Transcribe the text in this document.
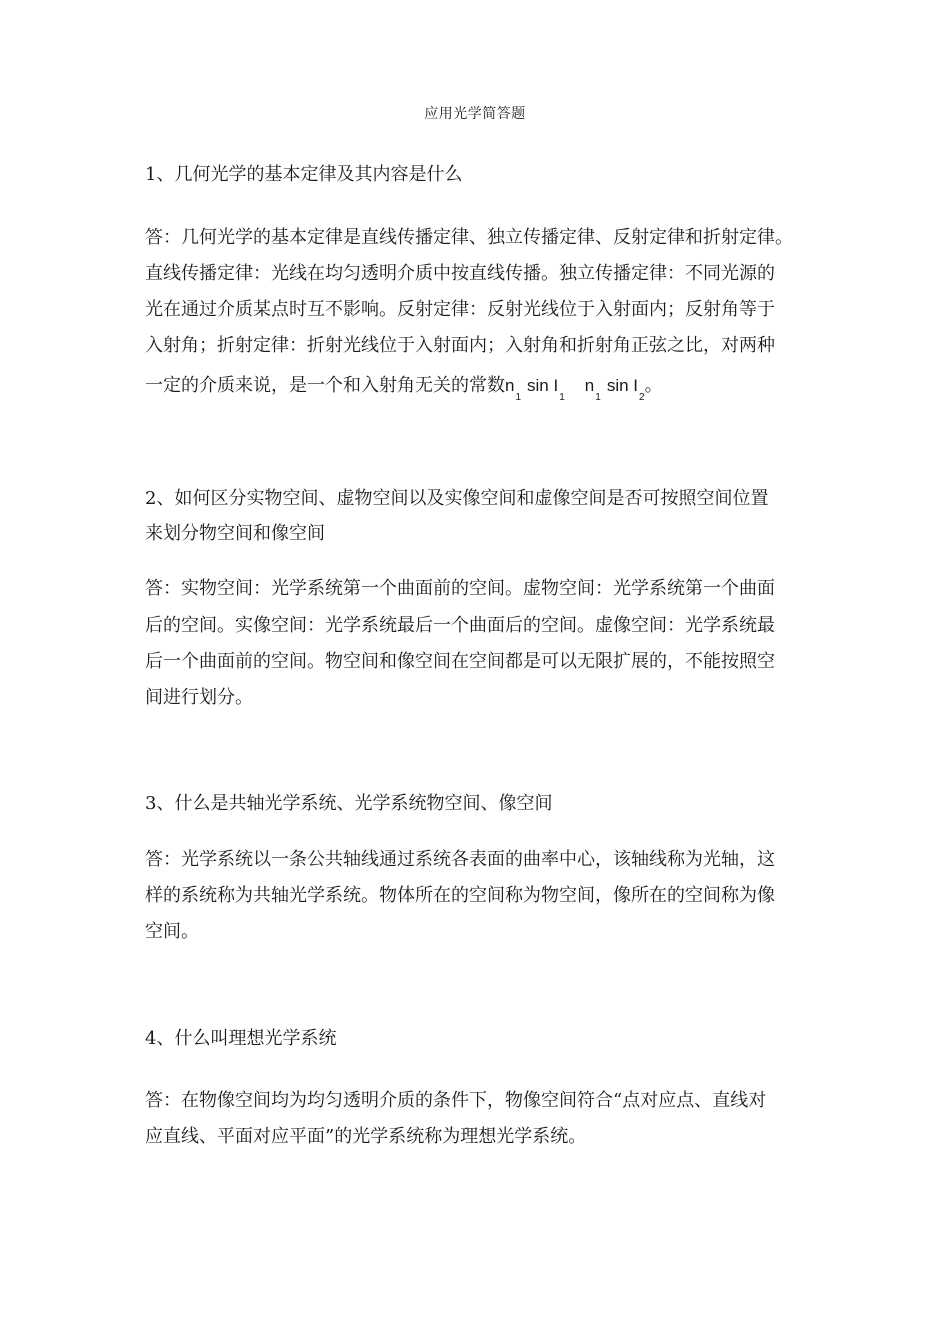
应用光学简答题
1、几何光学的基本定律及其内容是什么
答：几何光学的基本定律是直线传播定律、独立传播定律、反射定律和折射定律。
直线传播定律：光线在均匀透明介质中按直线传播。独立传播定律：不同光源的
光在通过介质某点时互不影响。反射定律：反射光线位于入射面内；反射角等于
入射角；折射定律：折射光线位于入射面内；入射角和折射角正弦之比，对两种
一定的介质来说，是一个和入射角无关的常数$n_1\sin$ $I_1n_1\sin$ $I_2$。
2、如何区分实物空间、虚物空间以及实像空间和虚像空间是否可按照空间位置
来划分物空间和像空间
答：实物空间：光学系统第一个曲面前的空间。虚物空间：光学系统第一个曲面
后的空间。实像空间：光学系统最后一个曲面后的空间。虚像空间：光学系统最
后一个曲面前的空间。物空间和像空间在空间都是可以无限扩展的，不能按照空
间进行划分。
3、什么是共轴光学系统、光学系统物空间、像空间
答：光学系统以一条公共轴线通过系统各表面的曲率中心，该轴线称为光轴，这
样的系统称为共轴光学系统。物体所在的空间称为物空间，像所在的空间称为像
空间。
4、什么叫理想光学系统
答：在物像空间均为均匀透明介质的条件下，物像空间符合“点对应点、直线对
应直线、平面对应平面”的光学系统称为理想光学系统。
